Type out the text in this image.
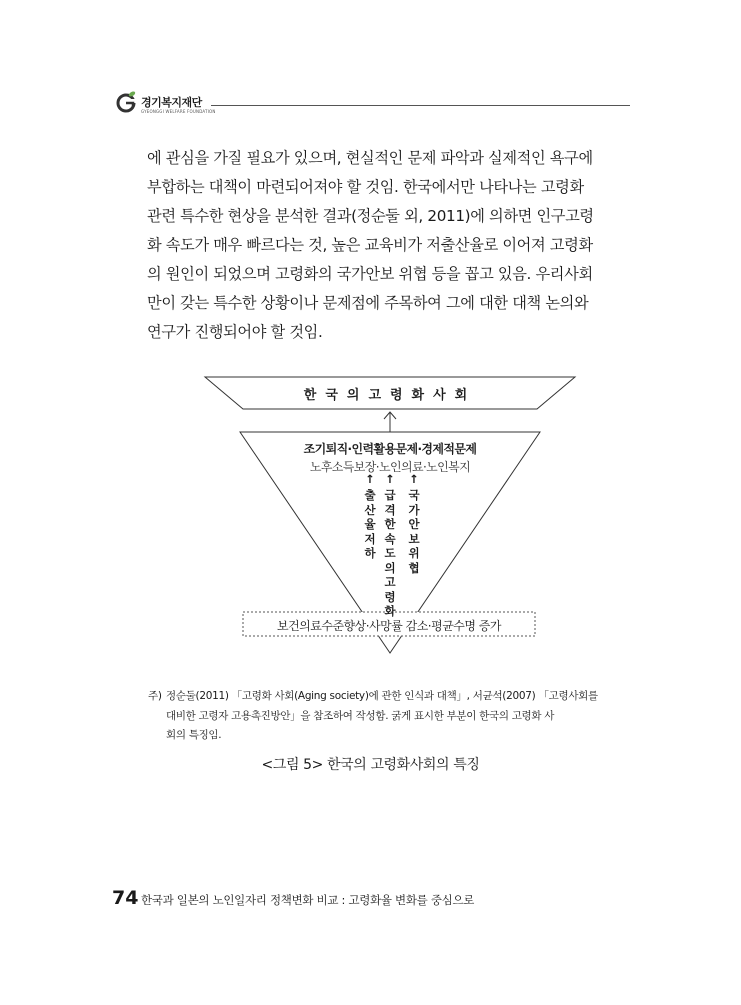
경기복지재단
GYEONGGI WELFARE FOUNDATION

에 관심을 가질 필요가 있으며, 현실적인 문제 파악과 실제적인 욕구에

부합하는 대책이 마련되어져야 할 것임. 한국에서만 나타나는 고령화

관련 특수한 현상을 분석한 결과(정순둘 외, 2011)에 의하면 인구고령

화 속도가 매우 빠르다는 것, 높은 교육비가 저출산율로 이어져 고령화

의 원인이 되었으며 고령화의 국가안보 위협 등을 꼽고 있음. 우리사회

만이 갖는 특수한 상황이나 문제점에 주목하여 그에 대한 대책 논의와

연구가 진행되어야 할 것임.

한국의고령화사회
조기퇴직·인력활용문제·경제적문제
노후소득보장·노인의료·노인복지
↑ ↑ ↑
출산율 저하
급격한 속도의 고령화
국가안보 위협
보건의료수준향상·사망률 감소·평균수명 증가
주) 정순둘(2011) 「고령화 사회(Aging society)에 관한 인식과 대책」, 서균석(2007) 「고령사회를
대비한 고령자 고용촉진방안」을 참조하여 작성함. 굵게 표시한 부분이 한국의 고령화 사
회의 특징임.
<그림 5> 한국의 고령화사회의 특징
74 한국과 일본의 노인일자리 정책변화 비교 : 고령화율 변화를 중심으로
